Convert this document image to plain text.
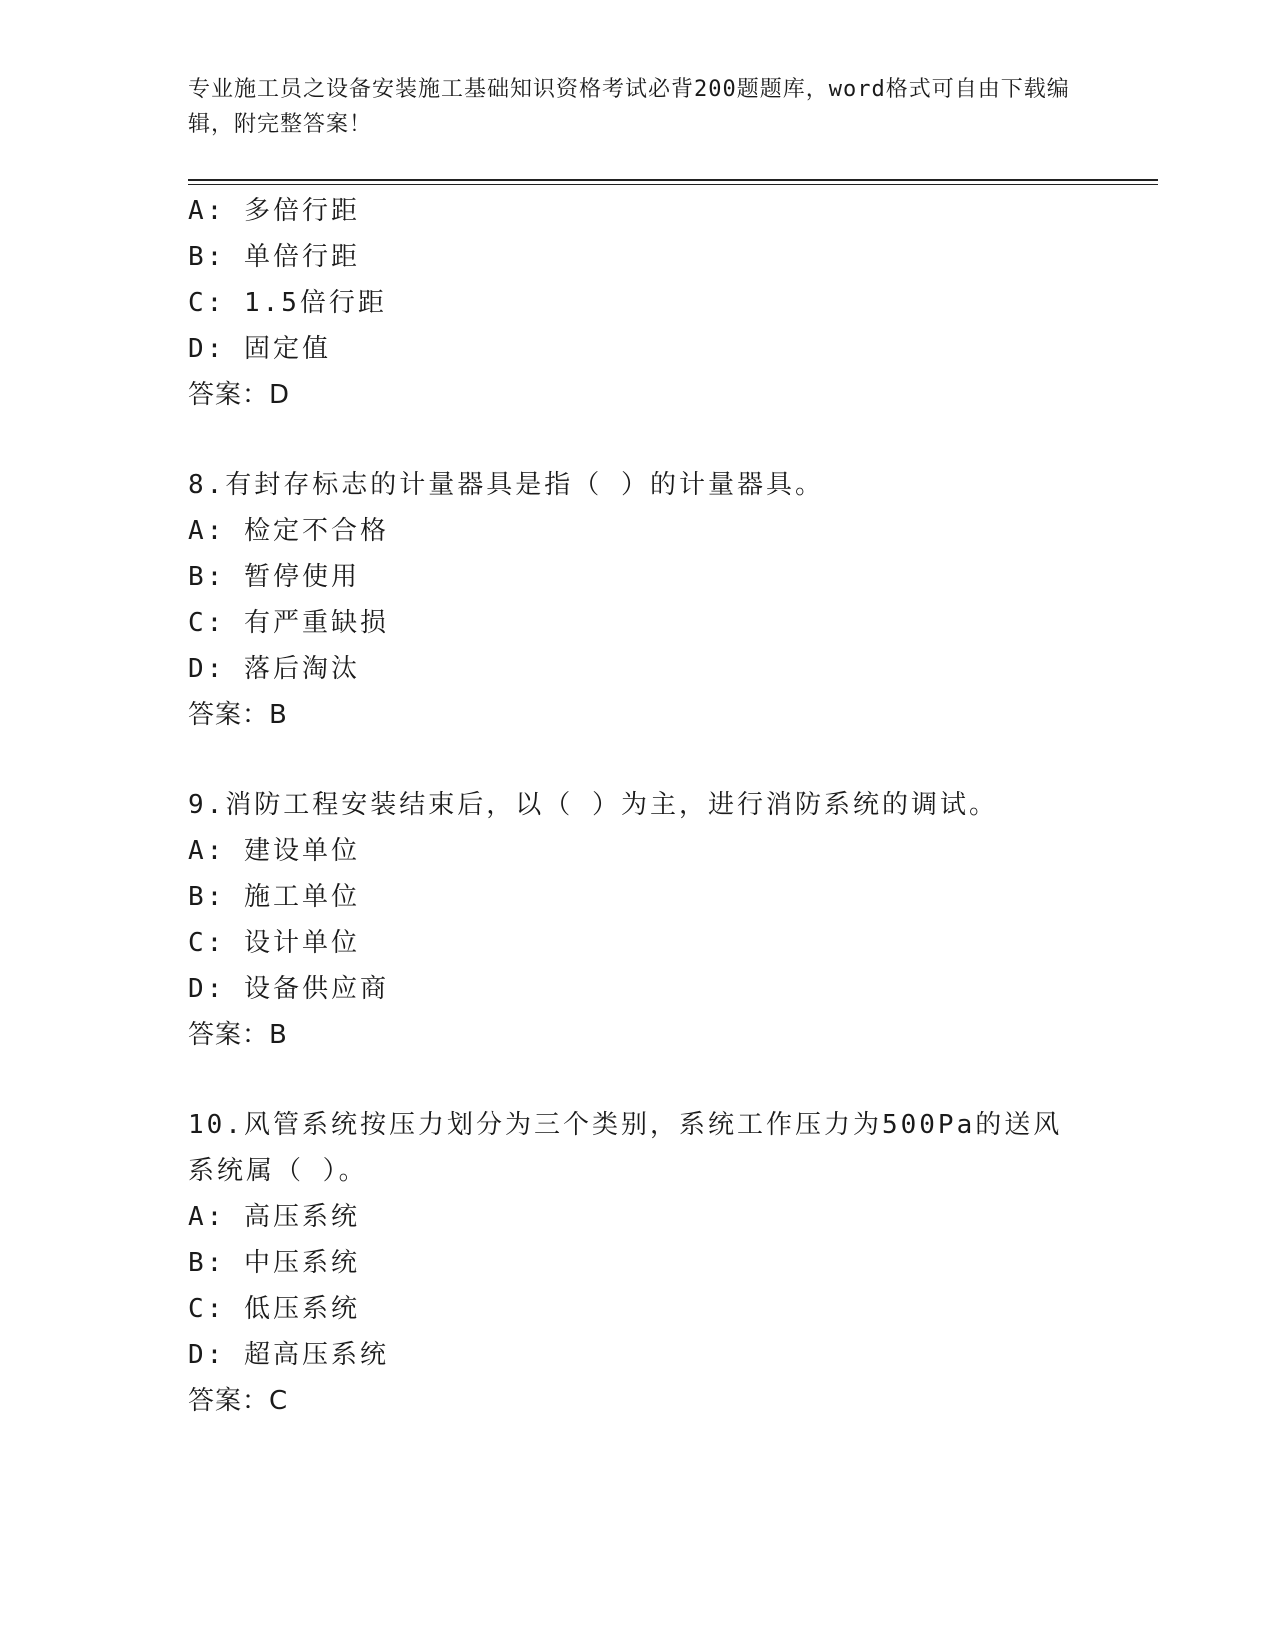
专业施工员之设备安装施工基础知识资格考试必背200题题库，word格式可自由下载编辑，附完整答案！
A: 多倍行距
B: 单倍行距
C: 1.5倍行距
D: 固定值
答案：D
8.有封存标志的计量器具是指（ ）的计量器具。
A: 检定不合格
B: 暂停使用
C: 有严重缺损
D: 落后淘汰
答案：B
9.消防工程安装结束后，以（ ）为主，进行消防系统的调试。
A: 建设单位
B: 施工单位
C: 设计单位
D: 设备供应商
答案：B
10.风管系统按压力划分为三个类别，系统工作压力为500Pa的送风系统属（ ）。
A: 高压系统
B: 中压系统
C: 低压系统
D: 超高压系统
答案：C
